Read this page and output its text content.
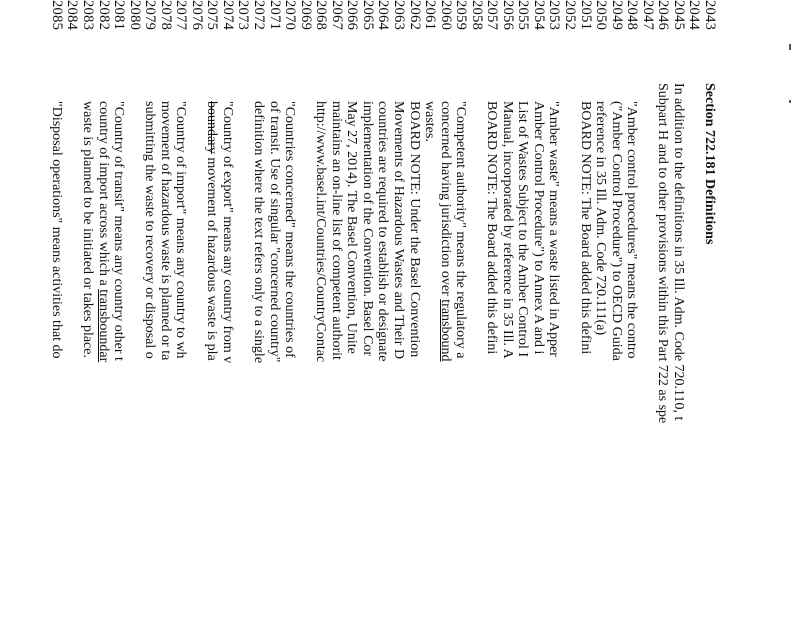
2043
Section 722.181 Definitions
2044
2045
In addition to the definitions in 35 Ill. Adm. Code 720.110, t
2046
Subpart H and to other provisions within this Part 722 as spe
2047
2048
"Amber control procedures" means the contro
2049
("Amber Control Procedure") to OECD Guida
2050
reference in 35 Ill. Adm. Code 720.111(a)
2051
BOARD NOTE: The Board added this defini
2052
2053
"Amber waste" means a waste listed in Apper
2054
Amber Control Procedure") to Annex A and i
2055
List of Wastes Subject to the Amber Control I
2056
Manual, incorporated by reference in 35 Ill. A
2057
BOARD NOTE: The Board added this defini
2058
2059
"Competent authority" means the regulatory a
2060
concerned having jurisdiction over transbound
2061
wastes.
2062
BOARD NOTE: Under the Basel Convention
2063
Movements of Hazardous Wastes and Their D
2064
countries are required to establish or designate
2065
implementation of the Convention. Basel Cor
2066
May 27, 2014). The Basel Convention, Unite
2067
maintains an on-line list of competent authorit
2068
http://www.basel.int/Countries/CountryContac
2069
2070
"Countries concerned" means the countries of
2071
of transit. Use of singular "concerned country"
2072
definition where the text refers only to a single
2073
2074
"Country of export" means any country from v
2075
boundary movement of hazardous waste is pla
2076
2077
"Country of import" means any country to wh
2078
movement of hazardous waste is planned or ta
2079
submitting the waste to recovery or disposal o
2080
2081
"Country of transit" means any country other t
2082
country of import across which a transboundar
2083
waste is planned to be initiated or takes place.
2084
2085
"Disposal operations" means activities that do
